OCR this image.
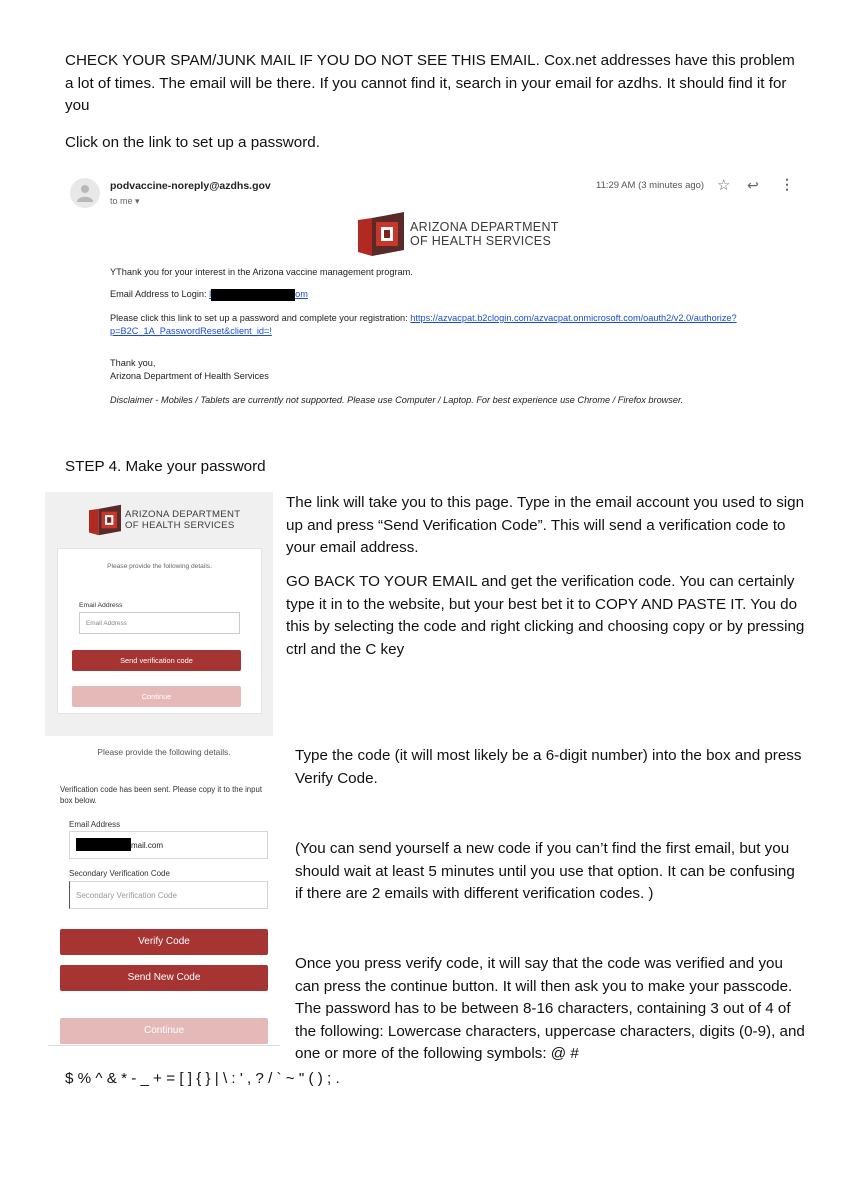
CHECK YOUR SPAM/JUNK MAIL IF YOU DO NOT SEE THIS EMAIL. Cox.net addresses have this problem a lot of times. The email will be there. If you cannot find it, search in your email for azdhs. It should find it for you
Click on the link to set up a password.
podvaccine-noreply@azdhs.gov
to me ▾
11:29 AM (3 minutes ago) ☆ ↩ ⋮
ARIZONA DEPARTMENT
OF HEALTH SERVICES
YThank you for your interest in the Arizona vaccine management program.
Email Address to Login: l	om
Please click this link to set up a password and complete your registration: https://azvacpat.b2clogin.com/azvacpat.onmicrosoft.com/oauth2/v2.0/authorize?
p=B2C_1A_PasswordReset&client_id=!
Thank you,
Arizona Department of Health Services
Disclaimer - Mobiles / Tablets are currently not supported. Please use Computer / Laptop. For best experience use Chrome / Firefox browser.
STEP 4. Make your password
ARIZONA DEPARTMENT
OF HEALTH SERVICES
Please provide the following details.
Email Address
Email Address
Send verification code
Continue
The link will take you to this page. Type in the email account you used to sign up and press “Send Verification Code”. This will send a verification code to your email address.
GO BACK TO YOUR EMAIL and get the verification code. You can certainly type it in to the website, but your best bet it to COPY AND PASTE IT. You do this by selecting the code and right clicking and choosing copy or by pressing ctrl and the C key
Please provide the following details.
Verification code has been sent. Please copy it to the input box below.
Email Address
mail.com
Secondary Verification Code
Secondary Verification Code
Verify Code
Send New Code
Continue
Type the code (it will most likely be a 6-digit number) into the box and press Verify Code.
(You can send yourself a new code if you can’t find the first email, but you should wait at least 5 minutes until you use that option. It can be confusing if there are 2 emails with different verification codes. )
Once you press verify code, it will say that the code was verified and you can press the continue button. It will then ask you to make your passcode. The password has to be between 8-16 characters, containing 3 out of 4 of the following: Lowercase characters, uppercase characters, digits (0-9), and one or more of the following symbols: @ #
$ % ^ & * - _ + = [ ] { } | \ : ' , ? / ` ~ " ( ) ; .
